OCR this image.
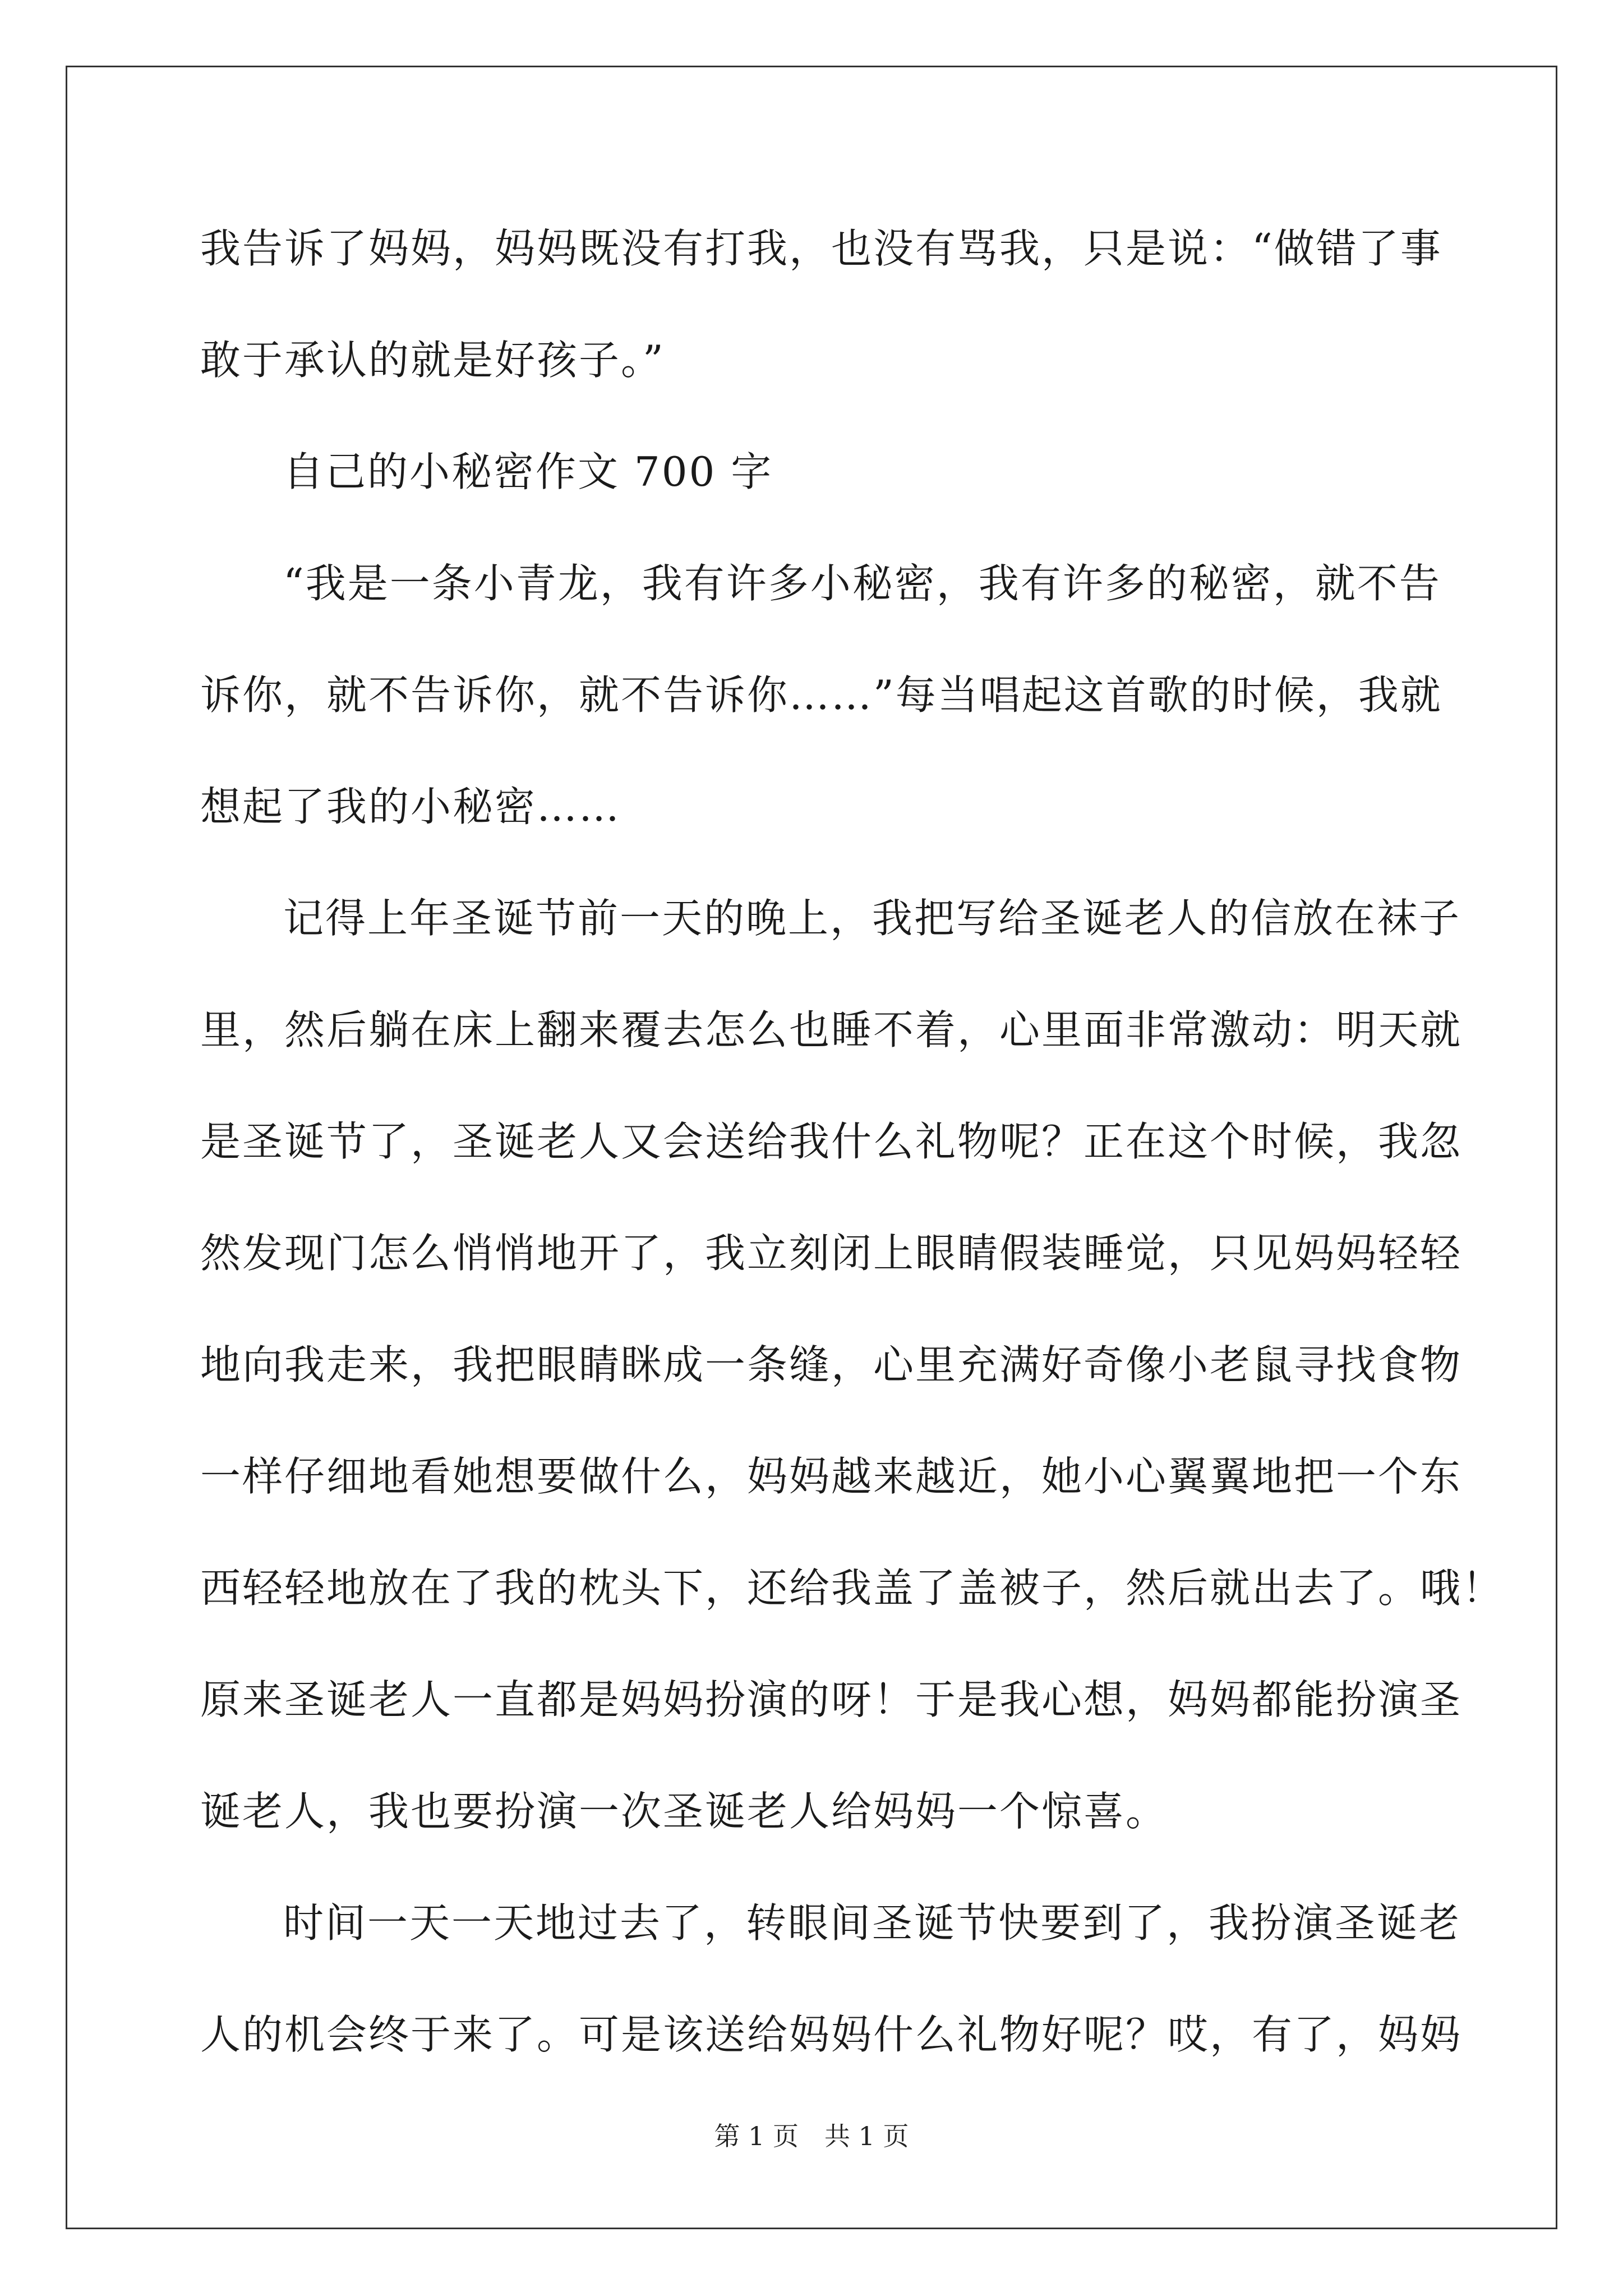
我告诉了妈妈，妈妈既没有打我，也没有骂我，只是说：“做错了事
敢于承认的就是好孩子。”
自己的小秘密作文 700 字
“我是一条小青龙，我有许多小秘密，我有许多的秘密，就不告
诉你，就不告诉你，就不告诉你……”每当唱起这首歌的时候，我就
想起了我的小秘密……
记得上年圣诞节前一天的晚上，我把写给圣诞老人的信放在袜子
里，然后躺在床上翻来覆去怎么也睡不着，心里面非常激动：明天就
是圣诞节了，圣诞老人又会送给我什么礼物呢？正在这个时候，我忽
然发现门怎么悄悄地开了，我立刻闭上眼睛假装睡觉，只见妈妈轻轻
地向我走来，我把眼睛眯成一条缝，心里充满好奇像小老鼠寻找食物
一样仔细地看她想要做什么，妈妈越来越近，她小心翼翼地把一个东
西轻轻地放在了我的枕头下，还给我盖了盖被子，然后就出去了。哦！
原来圣诞老人一直都是妈妈扮演的呀！于是我心想，妈妈都能扮演圣
诞老人，我也要扮演一次圣诞老人给妈妈一个惊喜。
时间一天一天地过去了，转眼间圣诞节快要到了，我扮演圣诞老
人的机会终于来了。可是该送给妈妈什么礼物好呢？哎，有了，妈妈
第 1 页 共 1 页
